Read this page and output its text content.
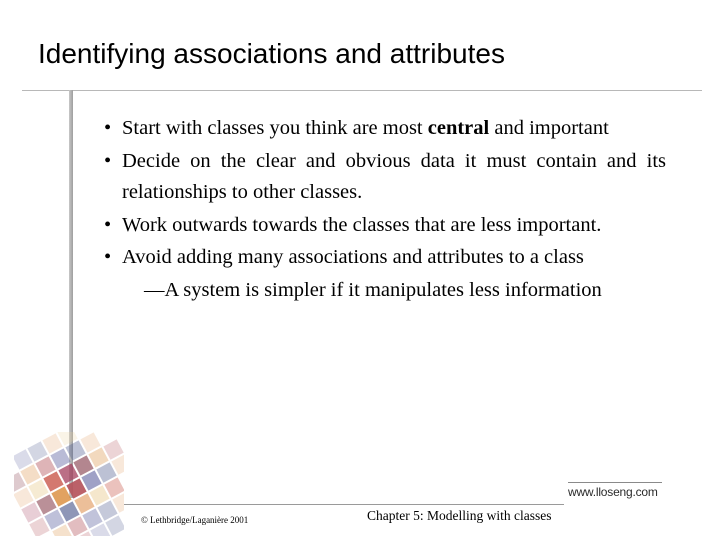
Identifying associations and attributes

• Start with classes you think are most central and important

• Decide on the clear and obvious data it must contain and its relationships to other classes.

• Work outwards towards the classes that are less important.

• Avoid adding many associations and attributes to a class

—A system is simpler if it manipulates less information

www.lloseng.com
© Lethbridge/Laganière 2001	Chapter 5: Modelling with classes
